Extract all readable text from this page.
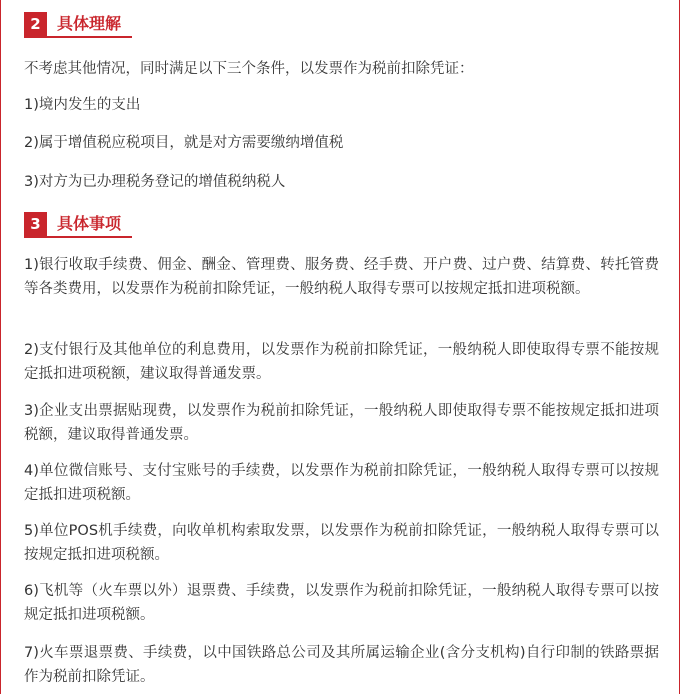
2	具体理解

不考虑其他情况，同时满足以下三个条件，以发票作为税前扣除凭证：

1)境内发生的支出

2)属于增值税应税项目，就是对方需要缴纳增值税

3)对方为已办理税务登记的增值税纳税人

3	具体事项

1)银行收取手续费、佣金、酬金、管理费、服务费、经手费、开户费、过户费、结算费、转托管费等各类费用，以发票作为税前扣除凭证，一般纳税人取得专票可以按规定抵扣进项税额。

2)支付银行及其他单位的利息费用，以发票作为税前扣除凭证，一般纳税人即使取得专票不能按规定抵扣进项税额，建议取得普通发票。

3)企业支出票据贴现费，以发票作为税前扣除凭证，一般纳税人即使取得专票不能按规定抵扣进项税额，建议取得普通发票。

4)单位微信账号、支付宝账号的手续费，以发票作为税前扣除凭证，一般纳税人取得专票可以按规定抵扣进项税额。

5)单位POS机手续费，向收单机构索取发票，以发票作为税前扣除凭证，一般纳税人取得专票可以按规定抵扣进项税额。

6)飞机等（火车票以外）退票费、手续费，以发票作为税前扣除凭证，一般纳税人取得专票可以按规定抵扣进项税额。

7)火车票退票费、手续费，以中国铁路总公司及其所属运输企业(含分支机构)自行印制的铁路票据作为税前扣除凭证。
